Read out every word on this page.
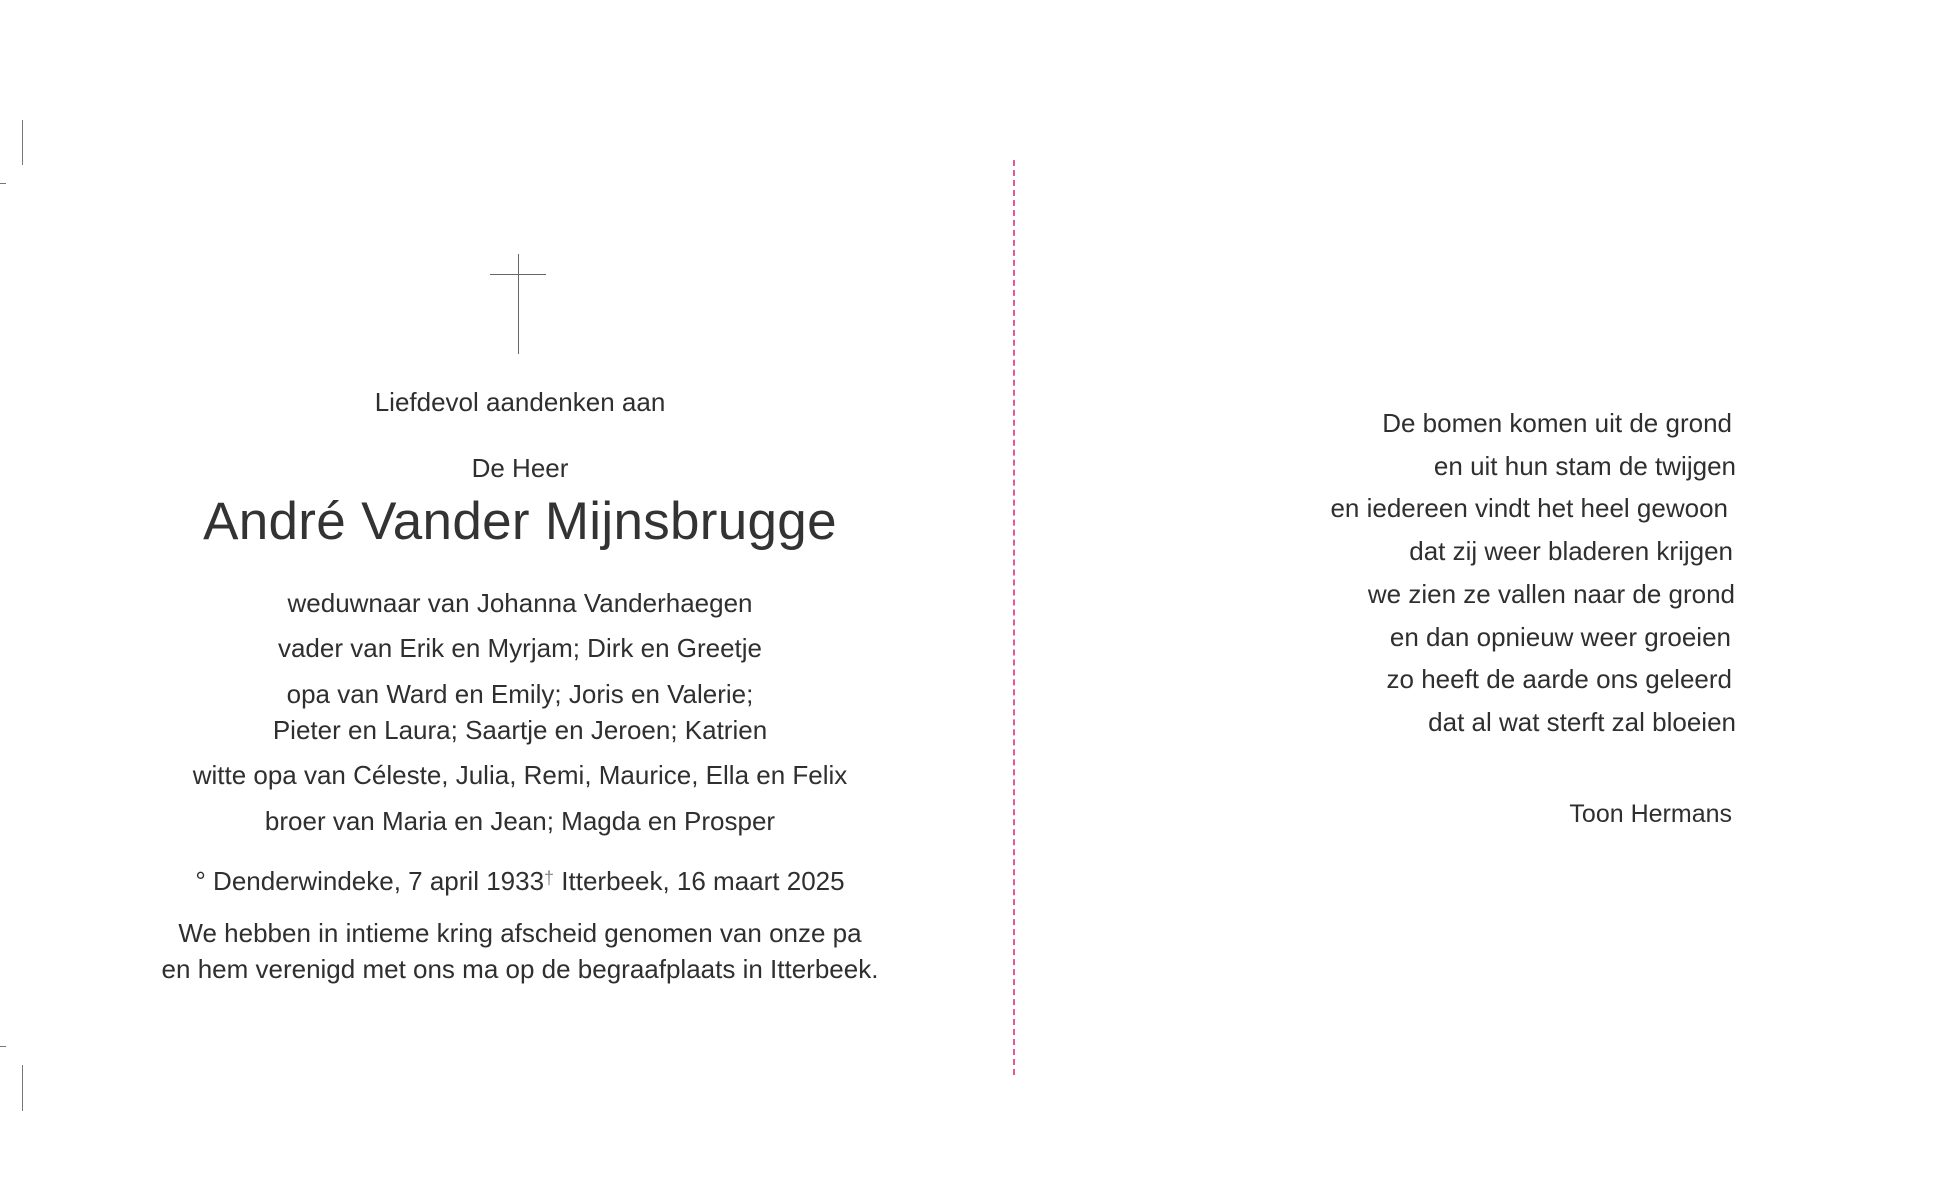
Liefdevol aandenken aan
De Heer
André Vander Mijnsbrugge
weduwnaar van Johanna Vanderhaegen
vader van Erik en Myrjam; Dirk en Greetje
opa van Ward en Emily; Joris en Valerie;
Pieter en Laura; Saartje en Jeroen; Katrien
witte opa van Céleste, Julia, Remi, Maurice, Ella en Felix
broer van Maria en Jean; Magda en Prosper
° Denderwindeke, 7 april 1933† Itterbeek, 16 maart 2025
We hebben in intieme kring afscheid genomen van onze pa
en hem verenigd met ons ma op de begraafplaats in Itterbeek.
De bomen komen uit de grond
en uit hun stam de twijgen
en iedereen vindt het heel gewoon
dat zij weer bladeren krijgen
we zien ze vallen naar de grond
en dan opnieuw weer groeien
zo heeft de aarde ons geleerd
dat al wat sterft zal bloeien
Toon Hermans
